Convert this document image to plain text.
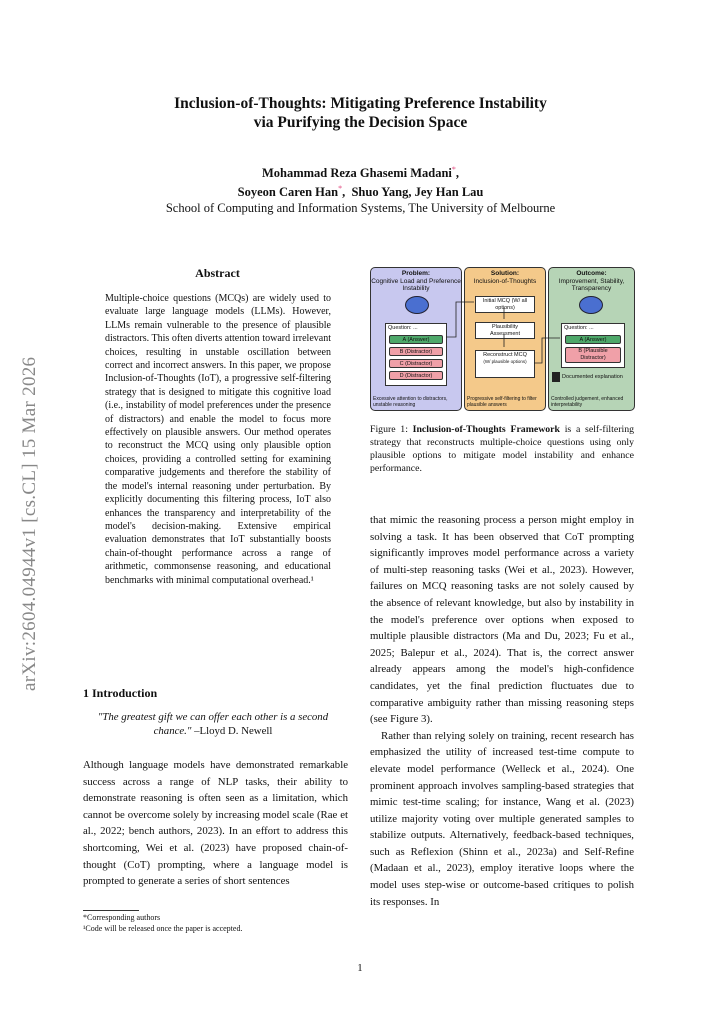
arXiv:2604.04944v1 [cs.CL] 15 Mar 2026
Inclusion-of-Thoughts: Mitigating Preference Instability
via Purifying the Decision Space
Mohammad Reza Ghasemi Madani*,
Soyeon Caren Han*,  Shuo Yang, Jey Han Lau
School of Computing and Information Systems, The University of Melbourne
Abstract
Multiple-choice questions (MCQs) are widely used to evaluate large language models (LLMs). However, LLMs remain vulnerable to the presence of plausible distractors. This often diverts attention toward irrelevant choices, resulting in unstable oscillation between correct and incorrect answers. In this paper, we propose Inclusion-of-Thoughts (IoT), a progressive self-filtering strategy that is designed to mitigate this cognitive load (i.e., instability of model preferences under the presence of distractors) and enable the model to focus more effectively on plausible answers. Our method operates to reconstruct the MCQ using only plausible option choices, providing a controlled setting for examining comparative judgements and therefore the stability of the model's internal reasoning under perturbation. By explicitly documenting this filtering process, IoT also enhances the transparency and interpretability of the model's decision-making. Extensive empirical evaluation demonstrates that IoT substantially boosts chain-of-thought performance across a range of arithmetic, commonsense reasoning, and educational benchmarks with minimal computational overhead.¹
1 Introduction
"The greatest gift we can offer each other is a second chance." –Lloyd D. Newell
Although language models have demonstrated remarkable success across a range of NLP tasks, their ability to demonstrate reasoning is often seen as a limitation, which cannot be overcome solely by increasing model scale (Rae et al., 2022; bench authors, 2023). In an effort to address this shortcoming, Wei et al. (2023) have proposed chain-of-thought (CoT) prompting, where a language model is prompted to generate a series of short sentences
*Corresponding authors
¹Code will be released once the paper is accepted.
Problem:
Cognitive Load and Preference Instability
Question: ...
A (Answer)
B (Distractor)
C (Distractor)
D (Distractor)
Excessive attention to distractors, unstable reasoning
Solution:
Inclusion-of-Thoughts
Initial MCQ (W/ all options)
Plausibility Assessment
Reconstruct MCQ
(W/ plausible options)
Progressive self-filtering to filter plausible answers
Outcome:
Improvement, Stability, Transparency
Question: ...
A (Answer)
B (Plausible Distractor)
Documented explanation
Controlled judgement, enhanced interpretability
Figure 1: Inclusion-of-Thoughts Framework is a self-filtering strategy that reconstructs multiple-choice questions using only plausible options to mitigate model instability and enhance performance.

that mimic the reasoning process a person might employ in solving a task. It has been observed that CoT prompting significantly improves model performance across a variety of multi-step reasoning tasks (Wei et al., 2023). However, failures on MCQ reasoning tasks are not solely caused by the absence of relevant knowledge, but also by instability in the model's preference over options when exposed to multiple plausible distractors (Ma and Du, 2023; Fu et al., 2025; Balepur et al., 2024). That is, the correct answer already appears among the model's high-confidence candidates, yet the final prediction fluctuates due to comparative ambiguity rather than missing reasoning steps (see Figure 3).

Rather than relying solely on training, recent research has emphasized the utility of increased test-time compute to elevate model performance (Welleck et al., 2024). One prominent approach involves sampling-based strategies that mimic test-time scaling; for instance, Wang et al. (2023) utilize majority voting over multiple generated samples to stabilize outputs. Alternatively, feedback-based techniques, such as Reflexion (Shinn et al., 2023a) and Self-Refine (Madaan et al., 2023), employ iterative loops where the model uses step-wise or outcome-based critiques to polish its responses. In

1
